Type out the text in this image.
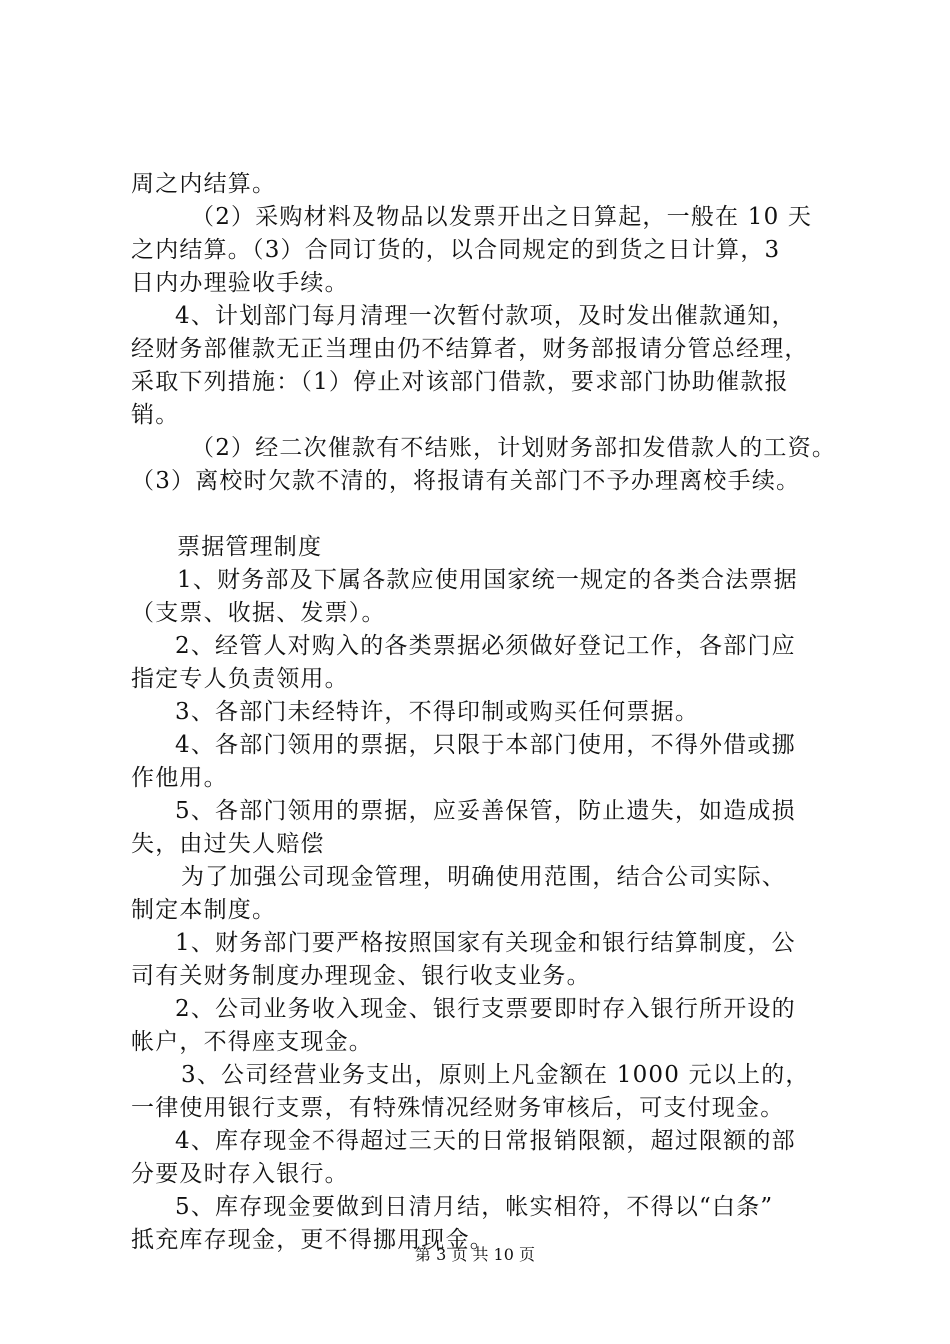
周之内结算。
（2）采购材料及物品以发票开出之日算起，一般在 10 天
之内结算。（3）合同订货的，以合同规定的到货之日计算，3
日内办理验收手续。
4、计划部门每月清理一次暂付款项，及时发出催款通知，
经财务部催款无正当理由仍不结算者，财务部报请分管总经理，
采取下列措施：（1）停止对该部门借款，要求部门协助催款报
销。
（2）经二次催款有不结账，计划财务部扣发借款人的工资。
（3）离校时欠款不清的，将报请有关部门不予办理离校手续。
票据管理制度
1、财务部及下属各款应使用国家统一规定的各类合法票据
（支票、收据、发票）。
2、经管人对购入的各类票据必须做好登记工作，各部门应
指定专人负责领用。
3、各部门未经特许，不得印制或购买任何票据。
4、各部门领用的票据，只限于本部门使用，不得外借或挪
作他用。
5、各部门领用的票据，应妥善保管，防止遗失，如造成损
失，由过失人赔偿
为了加强公司现金管理，明确使用范围，结合公司实际、
制定本制度。
1、财务部门要严格按照国家有关现金和银行结算制度，公
司有关财务制度办理现金、银行收支业务。
2、公司业务收入现金、银行支票要即时存入银行所开设的
帐户，不得座支现金。
3、公司经营业务支出，原则上凡金额在 1000 元以上的，
一律使用银行支票，有特殊情况经财务审核后，可支付现金。
4、库存现金不得超过三天的日常报销限额，超过限额的部
分要及时存入银行。
5、库存现金要做到日清月结，帐实相符，不得以“白条”
抵充库存现金，更不得挪用现金。
第 3 页 共 10 页
